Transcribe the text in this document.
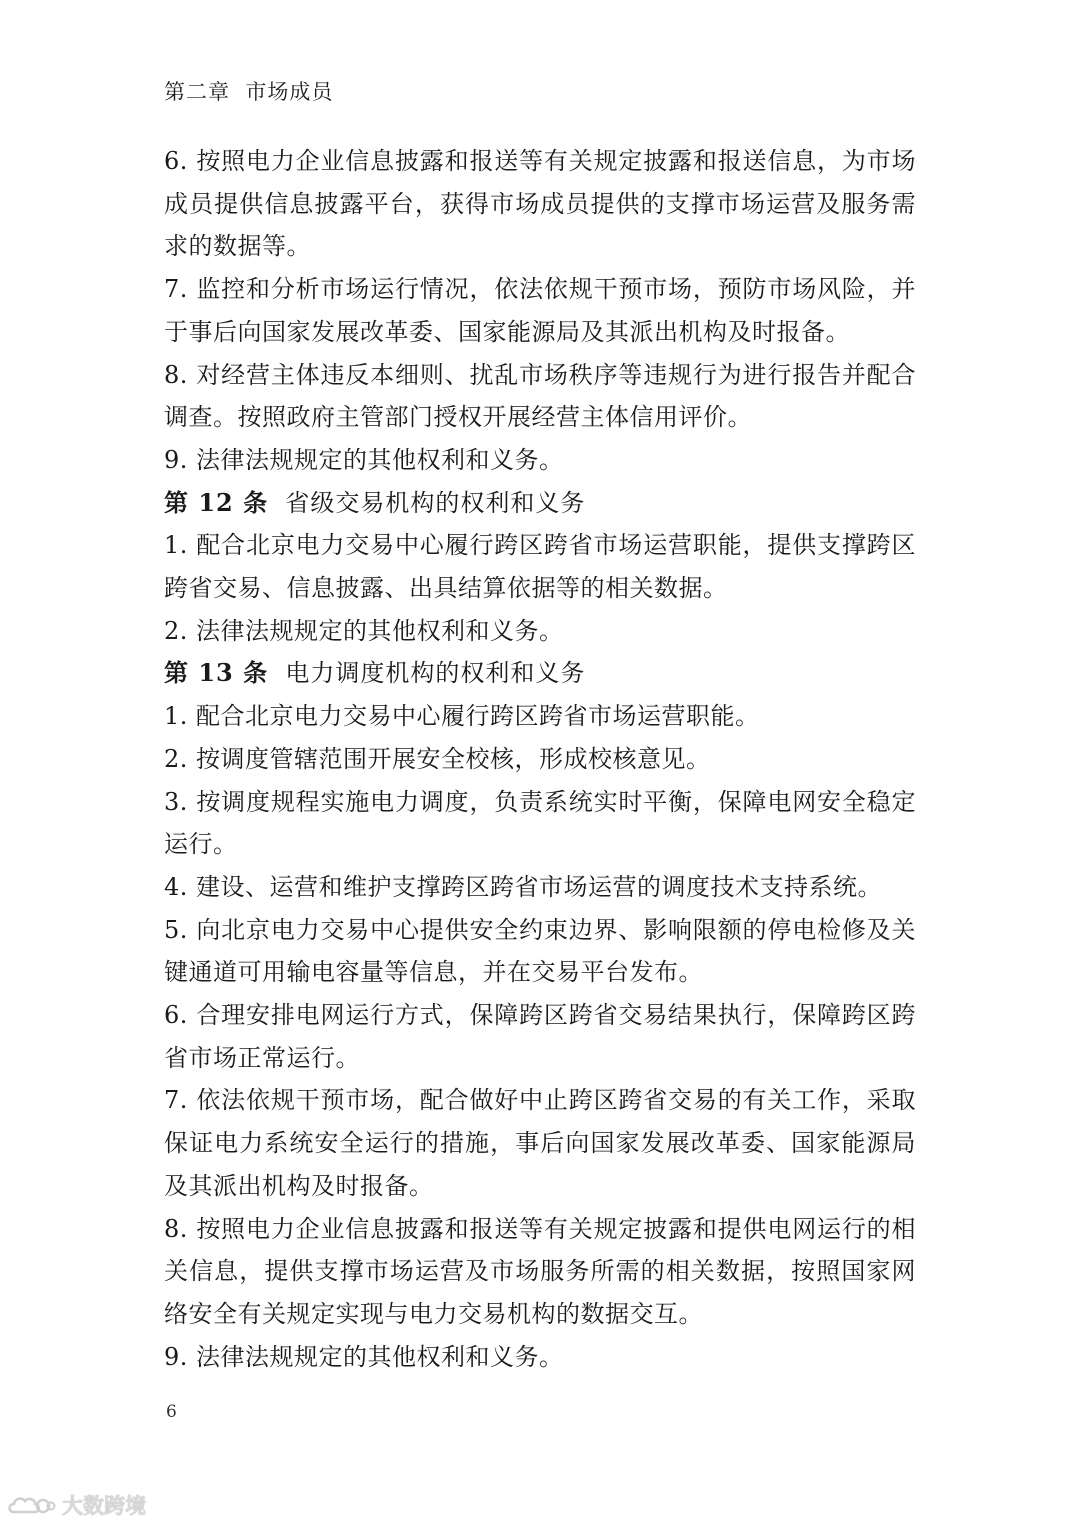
第二章  市场成员

6. 按照电力企业信息披露和报送等有关规定披露和报送信息，为市场成员提供信息披露平台，获得市场成员提供的支撑市场运营及服务需求的数据等。

7. 监控和分析市场运行情况，依法依规干预市场，预防市场风险，并于事后向国家发展改革委、国家能源局及其派出机构及时报备。

8. 对经营主体违反本细则、扰乱市场秩序等违规行为进行报告并配合调查。按照政府主管部门授权开展经营主体信用评价。

9. 法律法规规定的其他权利和义务。

第 12 条 省级交易机构的权利和义务

1. 配合北京电力交易中心履行跨区跨省市场运营职能，提供支撑跨区跨省交易、信息披露、出具结算依据等的相关数据。

2. 法律法规规定的其他权利和义务。

第 13 条 电力调度机构的权利和义务

1. 配合北京电力交易中心履行跨区跨省市场运营职能。

2. 按调度管辖范围开展安全校核，形成校核意见。

3. 按调度规程实施电力调度，负责系统实时平衡，保障电网安全稳定运行。

4. 建设、运营和维护支撑跨区跨省市场运营的调度技术支持系统。

5. 向北京电力交易中心提供安全约束边界、影响限额的停电检修及关键通道可用输电容量等信息，并在交易平台发布。

6. 合理安排电网运行方式，保障跨区跨省交易结果执行，保障跨区跨省市场正常运行。

7. 依法依规干预市场，配合做好中止跨区跨省交易的有关工作，采取保证电力系统安全运行的措施，事后向国家发展改革委、国家能源局及其派出机构及时报备。

8. 按照电力企业信息披露和报送等有关规定披露和提供电网运行的相关信息，提供支撑市场运营及市场服务所需的相关数据，按照国家网络安全有关规定实现与电力交易机构的数据交互。

9. 法律法规规定的其他权利和义务。

6
大数跨境
